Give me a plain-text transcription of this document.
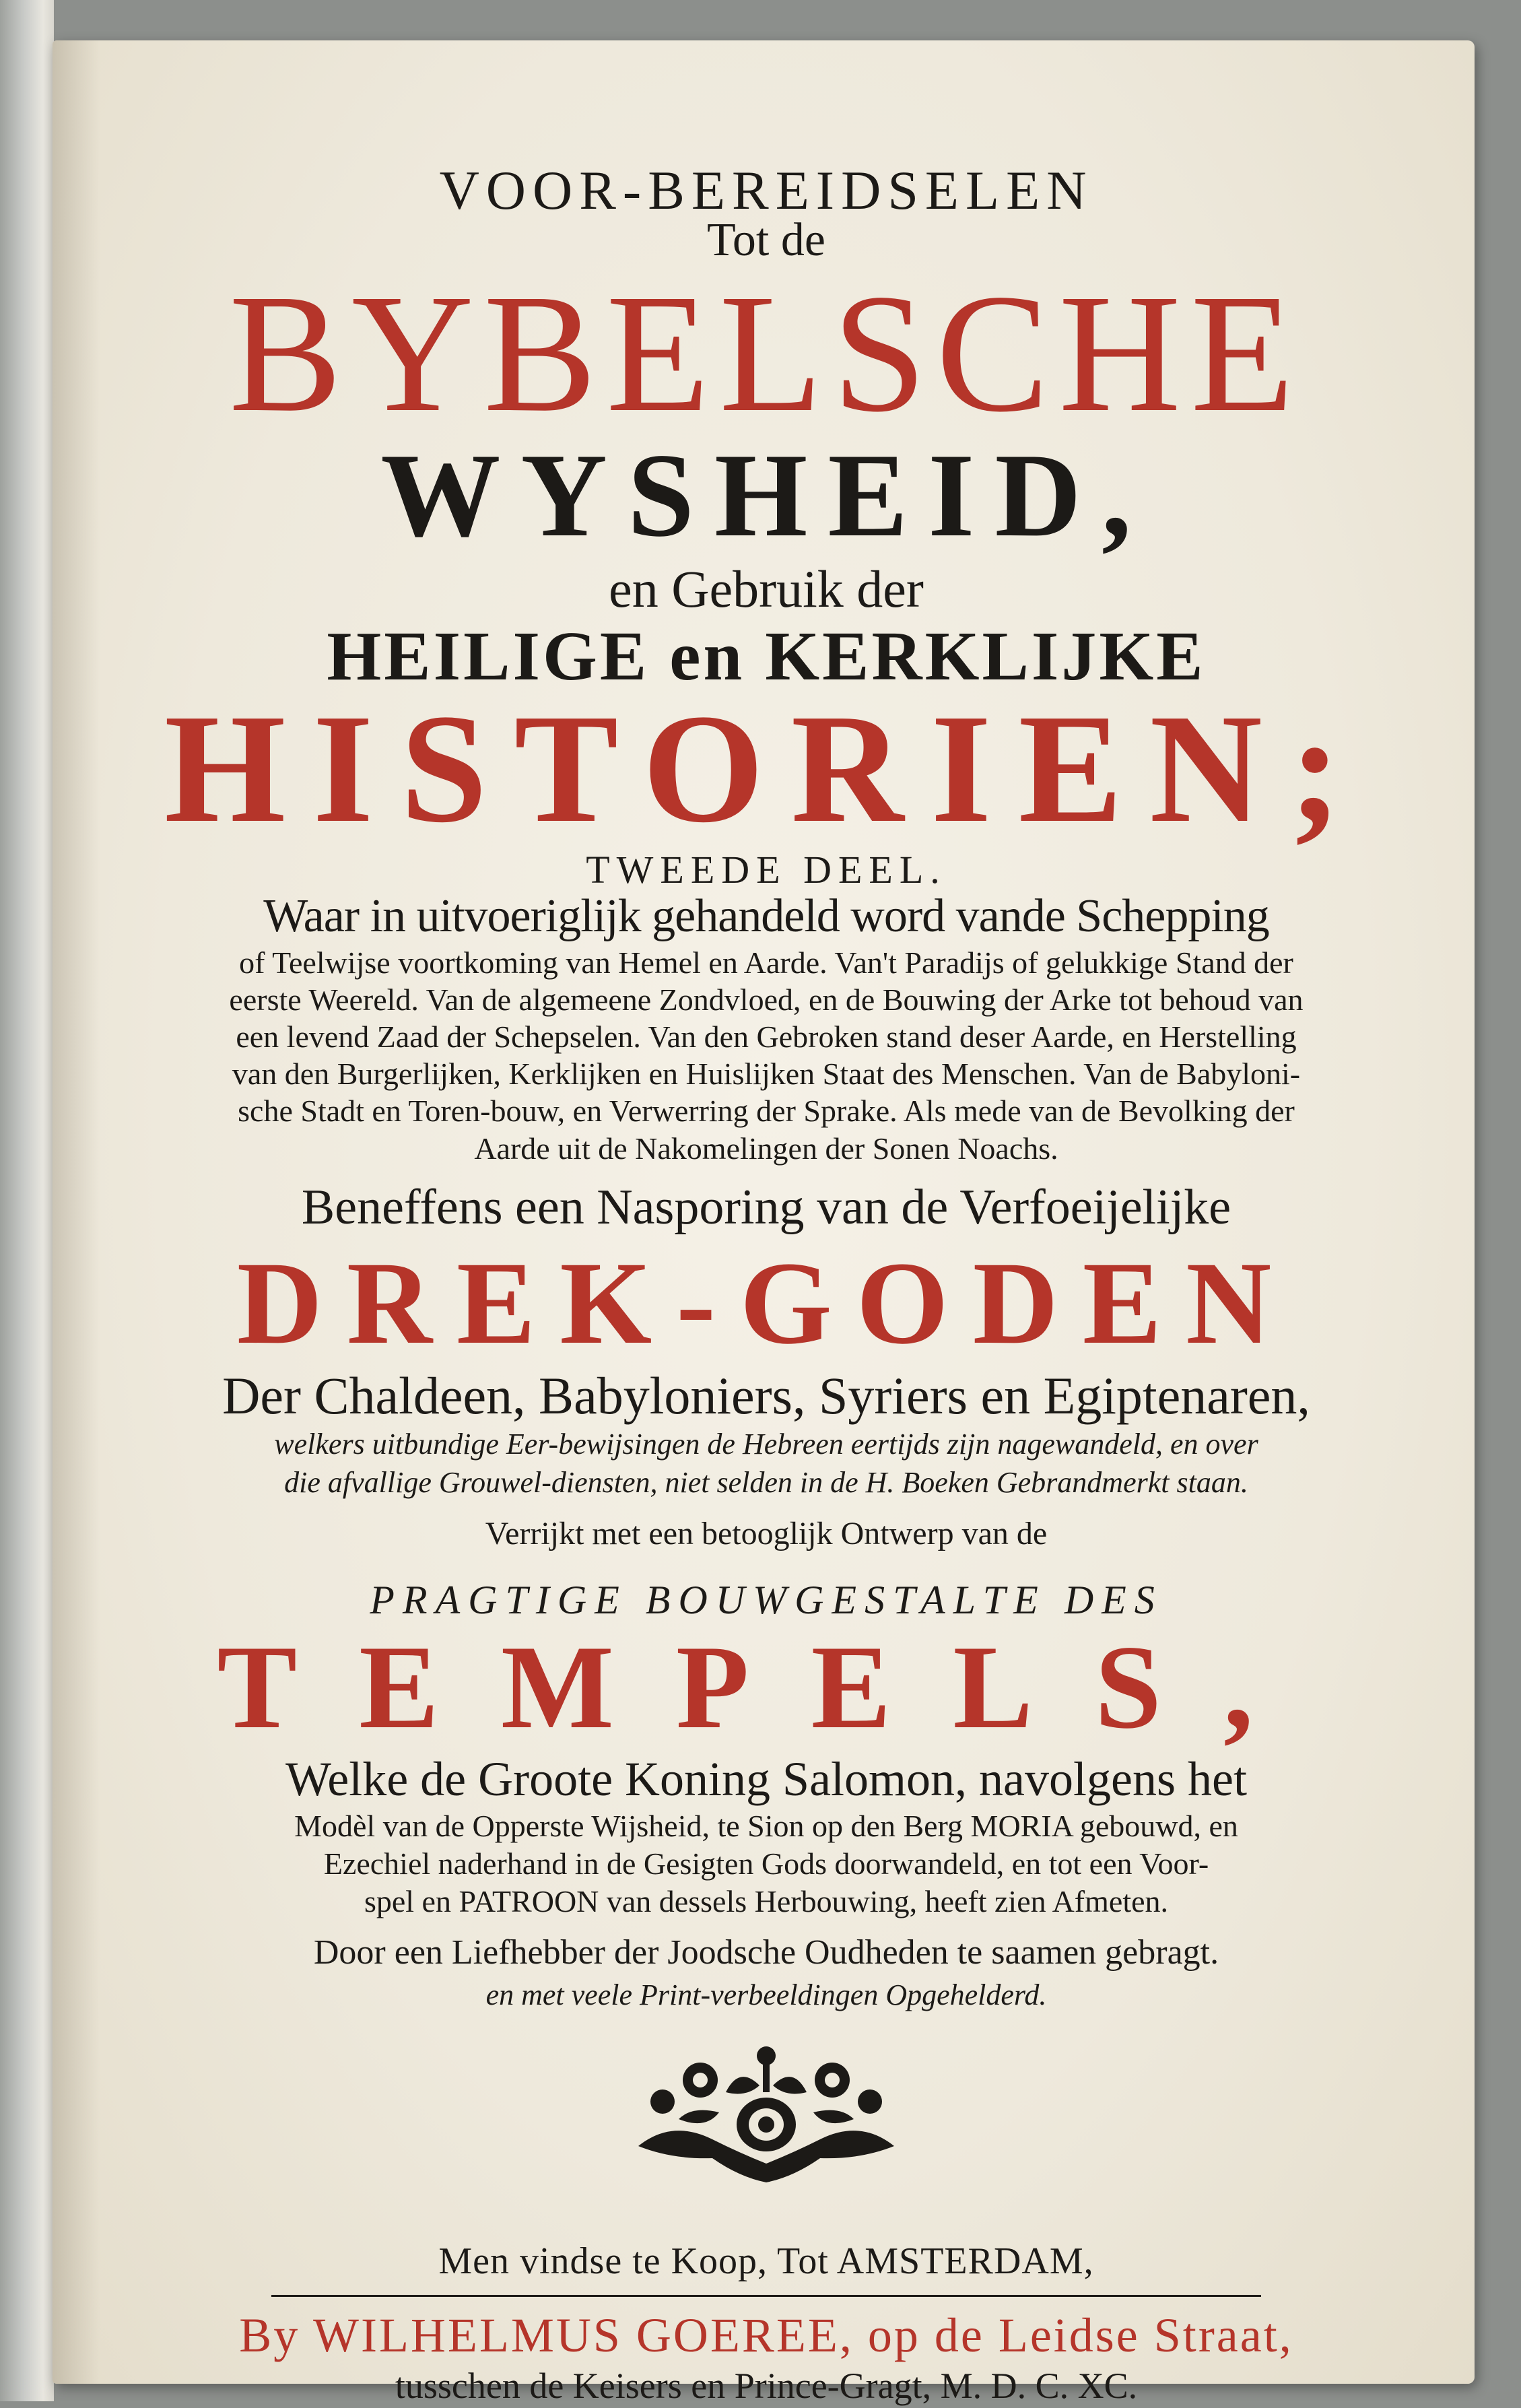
VOOR-BEREIDSELEN
Tot de
BYBELSCHE
WYSHEID,
en Gebruik der
HEILIGE en KERKLIJKE
HISTORIEN;
TWEEDE DEEL.
Waar in uitvoeriglijk gehandeld word vande Schepping
of Teelwijse voortkoming van Hemel en Aarde. Van't Paradijs of gelukkige Stand der
eerste Weereld. Van de algemeene Zondvloed, en de Bouwing der Arke tot behoud van
een levend Zaad der Schepselen. Van den Gebroken stand deser Aarde, en Herstelling
van den Burgerlijken, Kerklijken en Huislijken Staat des Menschen. Van de Babyloni-
sche Stadt en Toren-bouw, en Verwerring der Sprake. Als mede van de Bevolking der
Aarde uit de Nakomelingen der Sonen Noachs.
Beneffens een Nasporing van de Verfoeijelijke
DREK-GODEN
Der Chaldeen, Babyloniers, Syriers en Egiptenaren,
welkers uitbundige Eer-bewijsingen de Hebreen eertijds zijn nagewandeld, en over
die afvallige Grouwel-diensten, niet selden in de H. Boeken Gebrandmerkt staan.
Verrijkt met een betooglijk Ontwerp van de
PRAGTIGE BOUWGESTALTE DES
TEMPELS,
Welke de Groote Koning Salomon, navolgens het
Modèl van de Opperste Wijsheid, te Sion op den Berg MORIA gebouwd, en
Ezechiel naderhand in de Gesigten Gods doorwandeld, en tot een Voor-
spel en PATROON van dessels Herbouwing, heeft zien Afmeten.
Door een Liefhebber der Joodsche Oudheden te saamen gebragt.
en met veele Print-verbeeldingen Opgehelderd.
Men vindse te Koop, Tot AMSTERDAM,
By WILHELMUS GOEREE, op de Leidse Straat,
tusschen de Keisers en Prince-Gragt, M. D. C. XC.
